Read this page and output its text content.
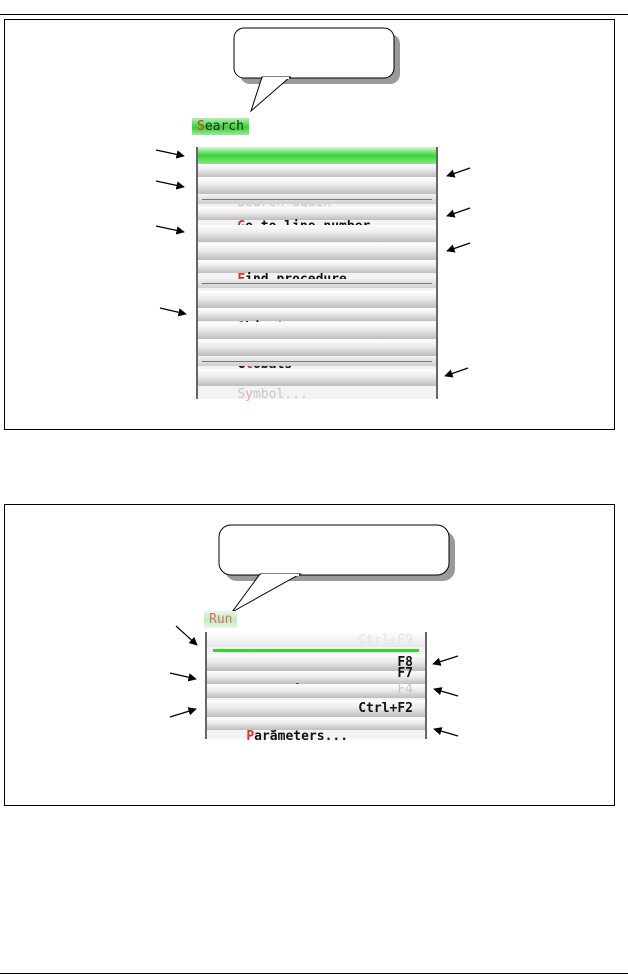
Search

Symbol...

Run

Ctrl+F9

F8

F7

F4

Ctrl+F2

Parameters...
